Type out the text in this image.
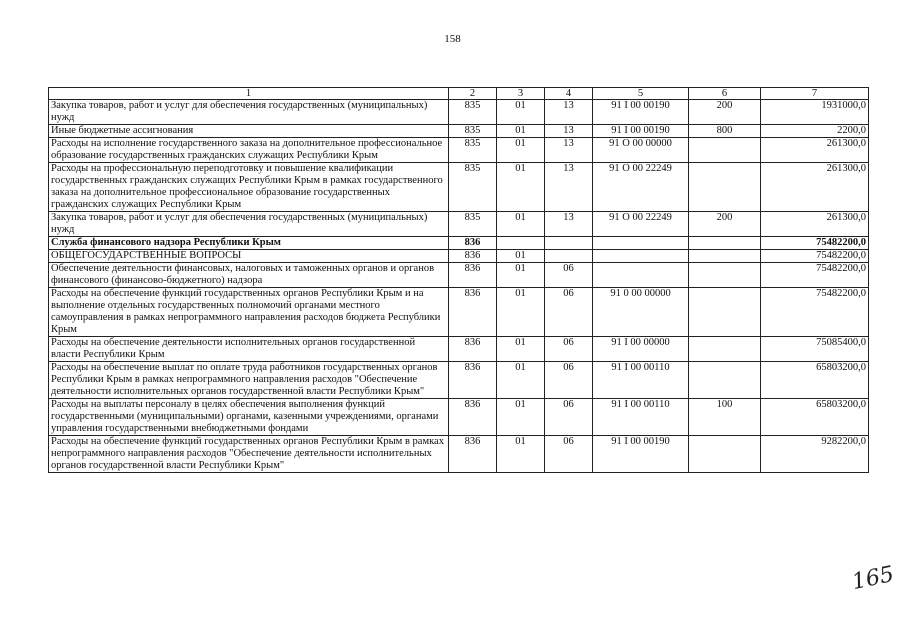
158
1	2	3	4	5	6	7
Закупка товаров, работ и услуг для обеспечения государственных (муниципальных) нужд	835	01	13	91 I 00 00190	200	1931000,0
Иные бюджетные ассигнования	835	01	13	91 I 00 00190	800	2200,0
Расходы на исполнение государственного заказа на дополнительное профессиональное образование государственных гражданских служащих Республики Крым	835	01	13	91 О 00 00000		261300,0
Расходы на профессиональную переподготовку и повышение квалификации государственных гражданских служащих Республики Крым в рамках государственного заказа на дополнительное профессиональное образование государственных гражданских служащих Республики Крым	835	01	13	91 О 00 22249		261300,0
Закупка товаров, работ и услуг для обеспечения государственных (муниципальных) нужд	835	01	13	91 О 00 22249	200	261300,0
Служба финансового надзора Республики Крым	836					75482200,0
ОБЩЕГОСУДАРСТВЕННЫЕ ВОПРОСЫ	836	01				75482200,0
Обеспечение деятельности финансовых, налоговых и таможенных органов и органов финансового (финансово-бюджетного) надзора	836	01	06			75482200,0
Расходы на обеспечение функций государственных органов Республики Крым и на выполнение отдельных государственных полномочий органами местного самоуправления в рамках непрограммного направления расходов бюджета Республики Крым	836	01	06	91 0 00 00000		75482200,0
Расходы на обеспечение деятельности исполнительных органов государственной власти Республики Крым	836	01	06	91 I 00 00000		75085400,0
Расходы на обеспечение выплат по оплате труда работников государственных органов Республики Крым в рамках непрограммного направления расходов "Обеспечение деятельности исполнительных органов государственной власти Республики Крым"	836	01	06	91 I 00 00110		65803200,0
Расходы на выплаты персоналу в целях обеспечения выполнения функций государственными (муниципальными) органами, казенными учреждениями, органами управления государственными внебюджетными фондами	836	01	06	91 I 00 00110	100	65803200,0
Расходы на обеспечение функций государственных органов Республики Крым в рамках непрограммного направления расходов "Обеспечение деятельности исполнительных органов государственной власти Республики Крым"	836	01	06	91 I 00 00190		9282200,0
165
